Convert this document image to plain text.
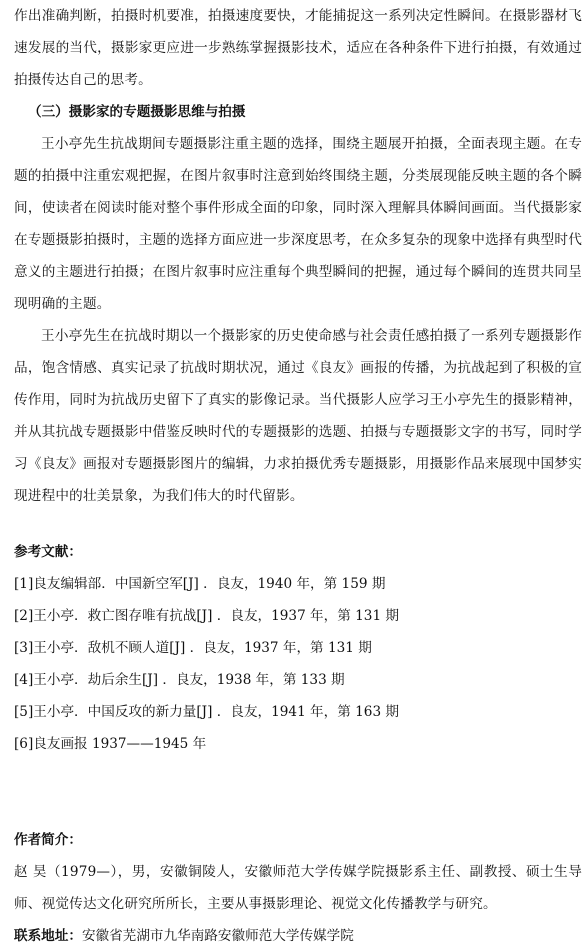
作出准确判断，拍摄时机要准，拍摄速度要快，才能捕捉这一系列决定性瞬间。在摄影器材飞速发展的当代，摄影家更应进一步熟练掌握摄影技术，适应在各种条件下进行拍摄，有效通过拍摄传达自己的思考。

（三）摄影家的专题摄影思维与拍摄

王小亭先生抗战期间专题摄影注重主题的选择，围绕主题展开拍摄，全面表现主题。在专题的拍摄中注重宏观把握，在图片叙事时注意到始终围绕主题，分类展现能反映主题的各个瞬间，使读者在阅读时能对整个事件形成全面的印象，同时深入理解具体瞬间画面。当代摄影家在专题摄影拍摄时，主题的选择方面应进一步深度思考，在众多复杂的现象中选择有典型时代意义的主题进行拍摄；在图片叙事时应注重每个典型瞬间的把握，通过每个瞬间的连贯共同呈现明确的主题。

王小亭先生在抗战时期以一个摄影家的历史使命感与社会责任感拍摄了一系列专题摄影作品，饱含情感、真实记录了抗战时期状况，通过《良友》画报的传播，为抗战起到了积极的宣传作用，同时为抗战历史留下了真实的影像记录。当代摄影人应学习王小亭先生的摄影精神，并从其抗战专题摄影中借鉴反映时代的专题摄影的选题、拍摄与专题摄影文字的书写，同时学习《良友》画报对专题摄影图片的编辑，力求拍摄优秀专题摄影，用摄影作品来展现中国梦实现进程中的壮美景象，为我们伟大的时代留影。

参考文献：

[1]良友编辑部．中国新空军[J] ．良友，1940 年，第 159 期
[2]王小亭．救亡图存唯有抗战[J] ．良友，1937 年，第 131 期
[3]王小亭．敌机不顾人道[J] ．良友，1937 年，第 131 期
[4]王小亭．劫后余生[J] ．良友，1938 年，第 133 期
[5]王小亭．中国反攻的新力量[J] ．良友，1941 年，第 163 期
[6]良友画报 1937——1945 年

作者简介：

赵 昊（1979—），男，安徽铜陵人，安徽师范大学传媒学院摄影系主任、副教授、硕士生导师、视觉传达文化研究所所长，主要从事摄影理论、视觉文化传播教学与研究。

联系地址：安徽省芜湖市九华南路安徽师范大学传媒学院
